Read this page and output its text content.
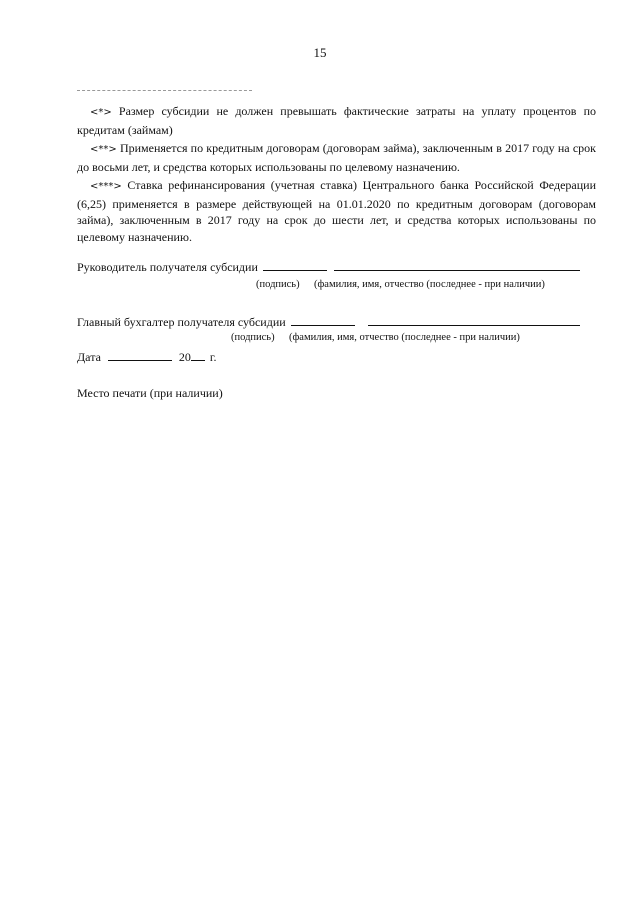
15

<*> Размер субсидии не должен превышать фактические затраты на уплату процентов по кредитам (займам)

<**> Применяется по кредитным договорам (договорам займа), заключенным в 2017 году на срок до восьми лет, и средства которых использованы по целевому назначению.

<***> Ставка рефинансирования (учетная ставка) Центрального банка Российской Федерации (6,25) применяется в размере действующей на 01.01.2020 по кредитным договорам (договорам займа), заключенным в 2017 году на срок до шести лет, и средства которых использованы по целевому назначению.

Руководитель получателя субсидии
(подпись) (фамилия, имя, отчество (последнее - при наличии)
Главный бухгалтер получателя субсидии
(подпись) (фамилия, имя, отчество (последнее - при наличии)
Дата	20 г.
Место печати (при наличии)
